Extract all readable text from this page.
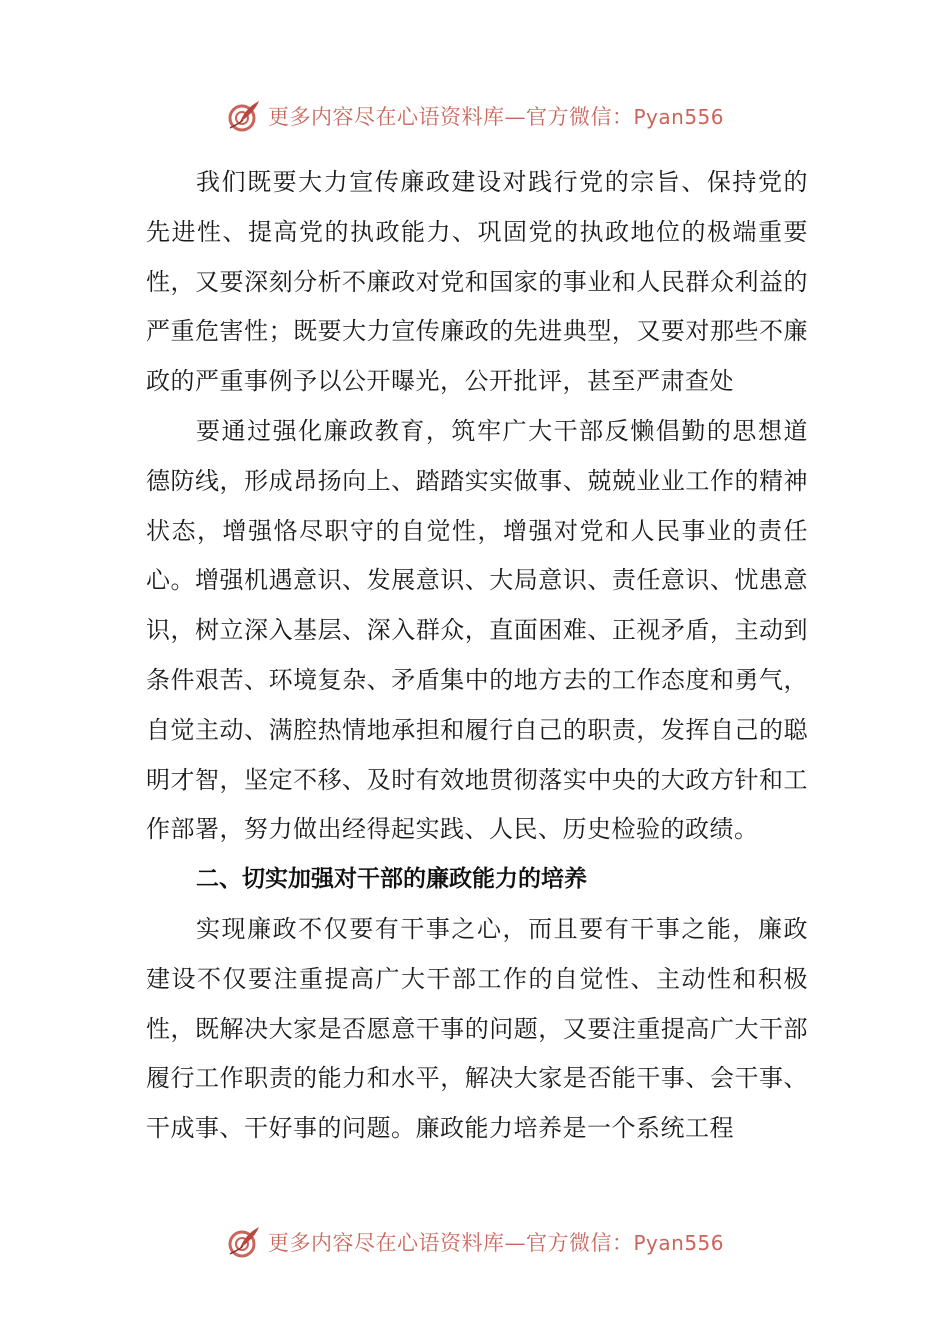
更多内容尽在心语资料库—官方微信：Pyan556

我们既要大力宣传廉政建设对践行党的宗旨、保持党的先进性、提高党的执政能力、巩固党的执政地位的极端重要性，又要深刻分析不廉政对党和国家的事业和人民群众利益的严重危害性；既要大力宣传廉政的先进典型，又要对那些不廉政的严重事例予以公开曝光，公开批评，甚至严肃查处

要通过强化廉政教育，筑牢广大干部反懒倡勤的思想道德防线，形成昂扬向上、踏踏实实做事、兢兢业业工作的精神状态，增强恪尽职守的自觉性，增强对党和人民事业的责任心。增强机遇意识、发展意识、大局意识、责任意识、忧患意识，树立深入基层、深入群众，直面困难、正视矛盾，主动到条件艰苦、环境复杂、矛盾集中的地方去的工作态度和勇气，自觉主动、满腔热情地承担和履行自己的职责，发挥自己的聪明才智，坚定不移、及时有效地贯彻落实中央的大政方针和工作部署，努力做出经得起实践、人民、历史检验的政绩。

二、切实加强对干部的廉政能力的培养

实现廉政不仅要有干事之心，而且要有干事之能，廉政建设不仅要注重提高广大干部工作的自觉性、主动性和积极性，既解决大家是否愿意干事的问题，又要注重提高广大干部履行工作职责的能力和水平，解决大家是否能干事、会干事、干成事、干好事的问题。廉政能力培养是一个系统工程

更多内容尽在心语资料库—官方微信：Pyan556
